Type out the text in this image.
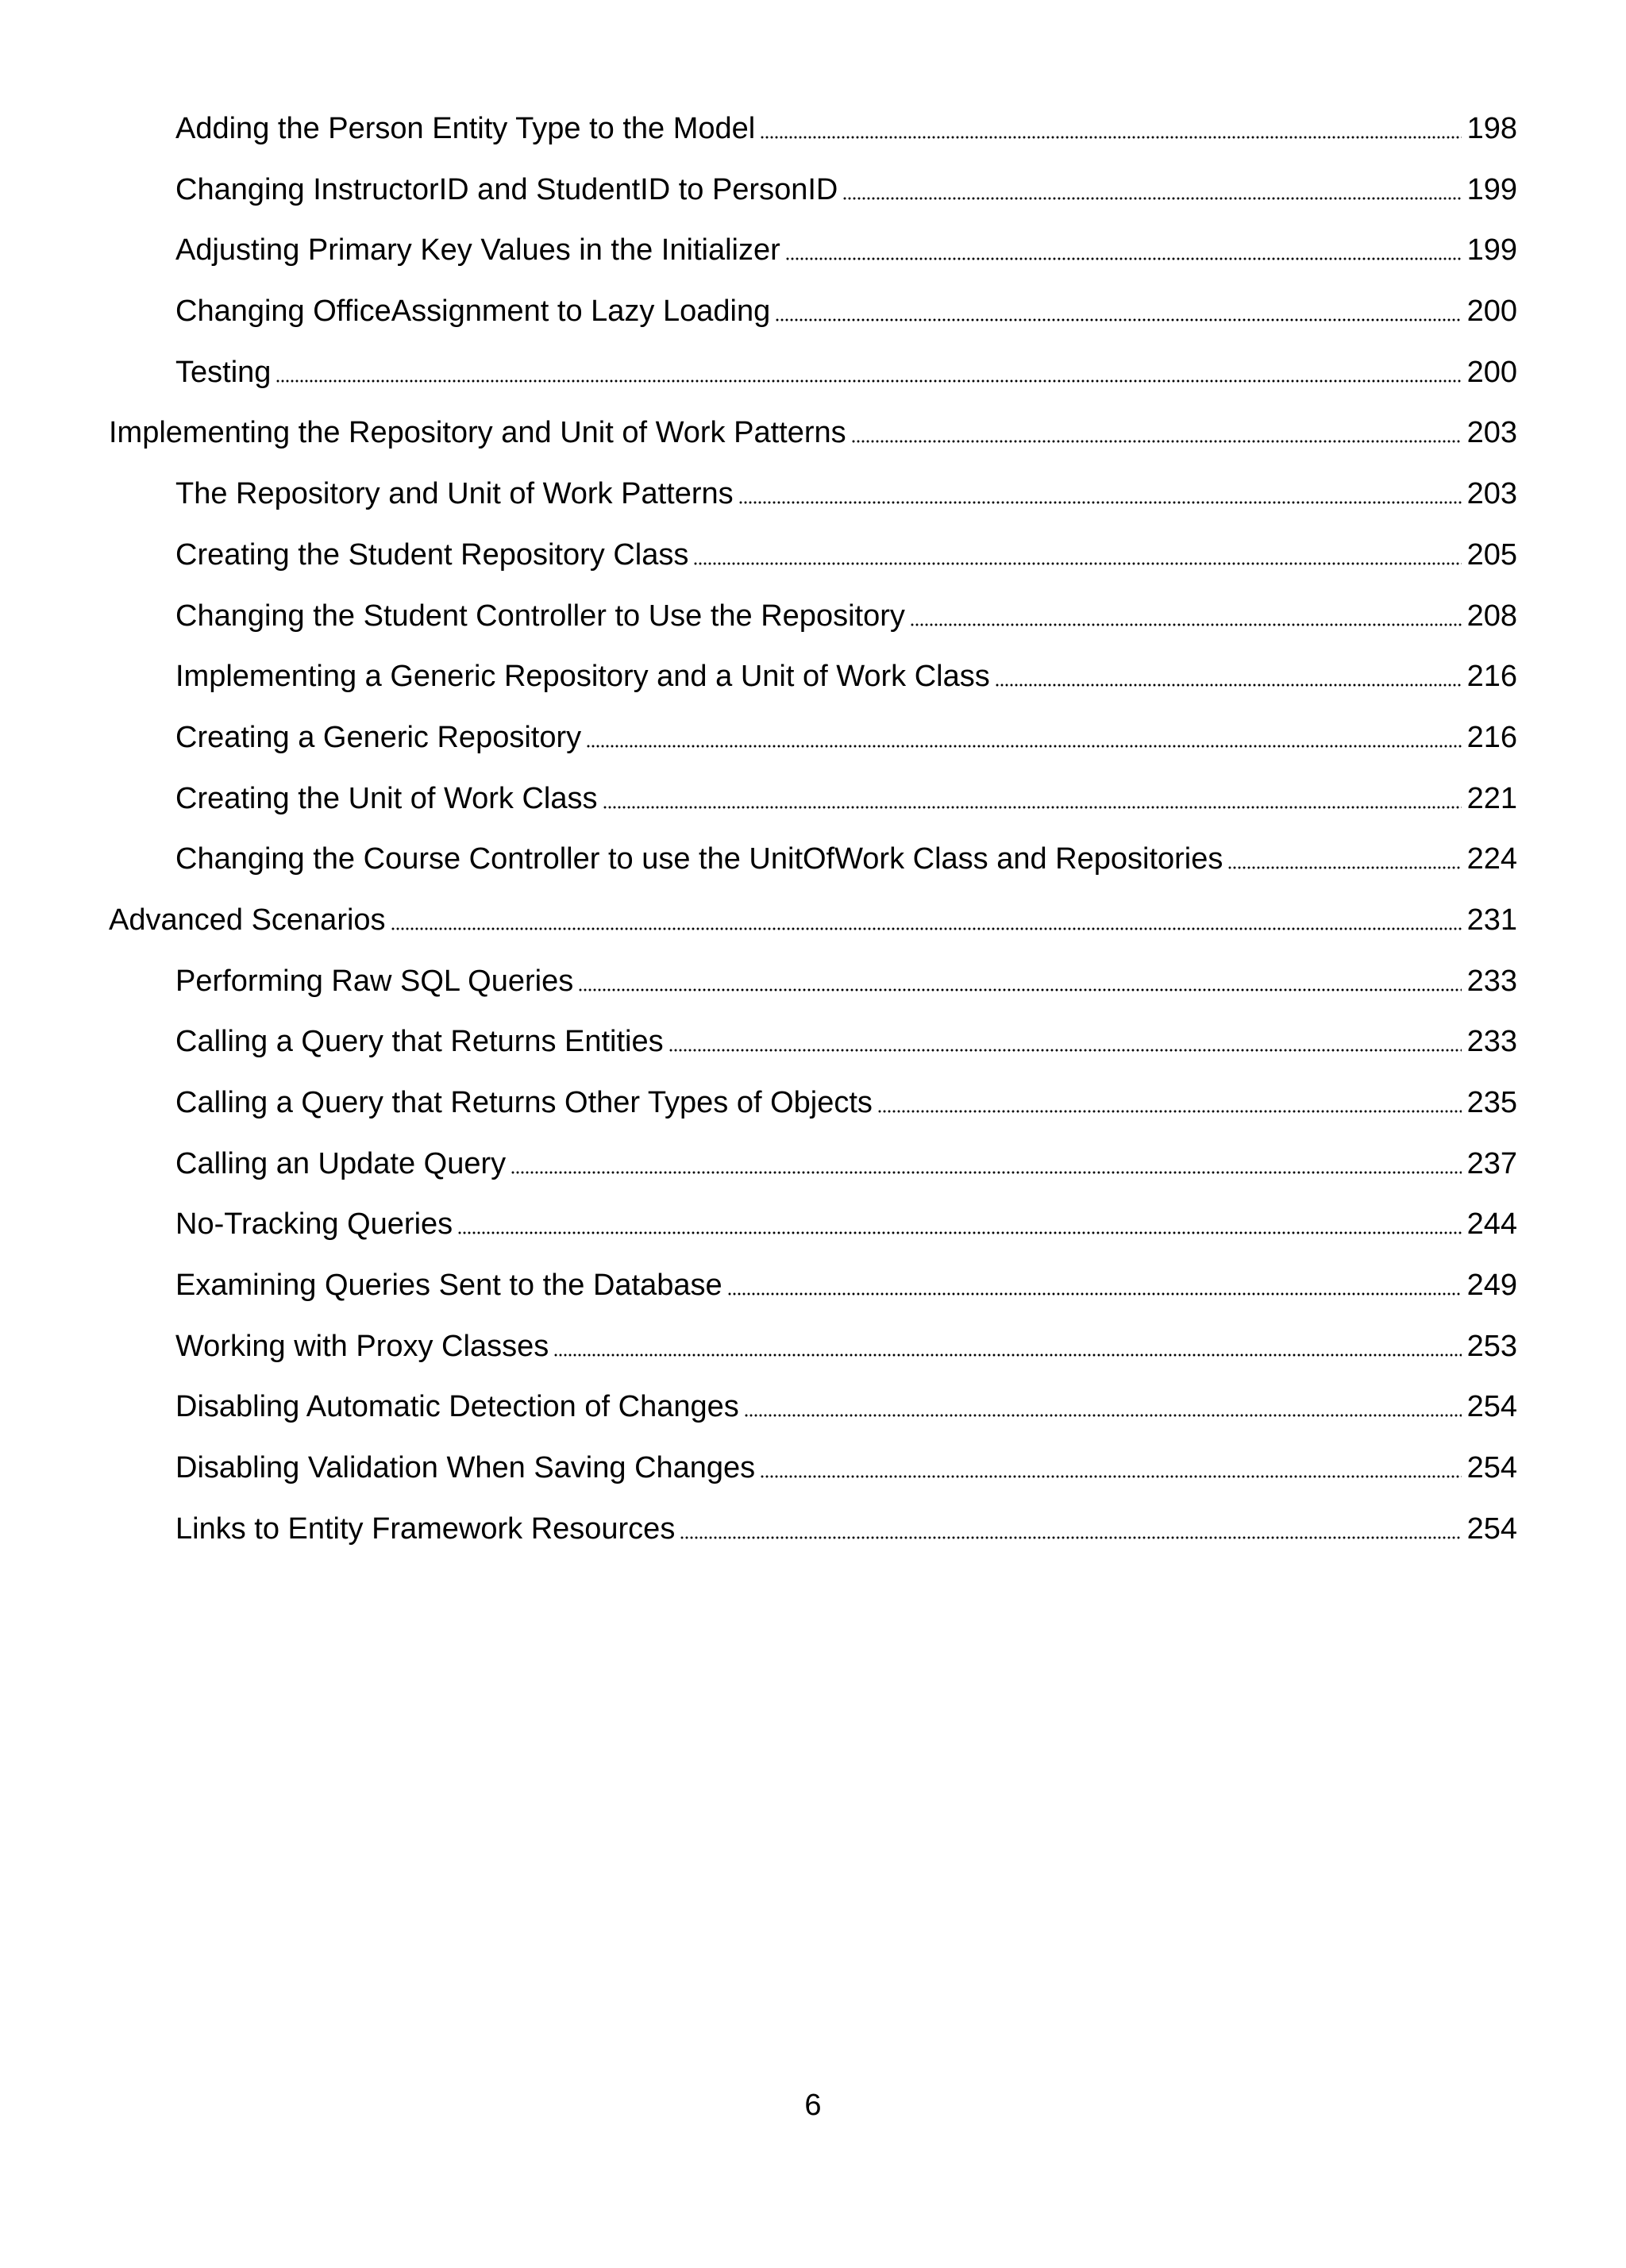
Adding the Person Entity Type to the Model	198
Changing InstructorID and StudentID to PersonID	199
Adjusting Primary Key Values in the Initializer	199
Changing OfficeAssignment to Lazy Loading	200
Testing	200
Implementing the Repository and Unit of Work Patterns	203
The Repository and Unit of Work Patterns	203
Creating the Student Repository Class	205
Changing the Student Controller to Use the Repository	208
Implementing a Generic Repository and a Unit of Work Class	216
Creating a Generic Repository	216
Creating the Unit of Work Class	221
Changing the Course Controller to use the UnitOfWork Class and Repositories	224
Advanced Scenarios	231
Performing Raw SQL Queries	233
Calling a Query that Returns Entities	233
Calling a Query that Returns Other Types of Objects	235
Calling an Update Query	237
No-Tracking Queries	244
Examining Queries Sent to the Database	249
Working with Proxy Classes	253
Disabling Automatic Detection of Changes	254
Disabling Validation When Saving Changes	254
Links to Entity Framework Resources	254
6
